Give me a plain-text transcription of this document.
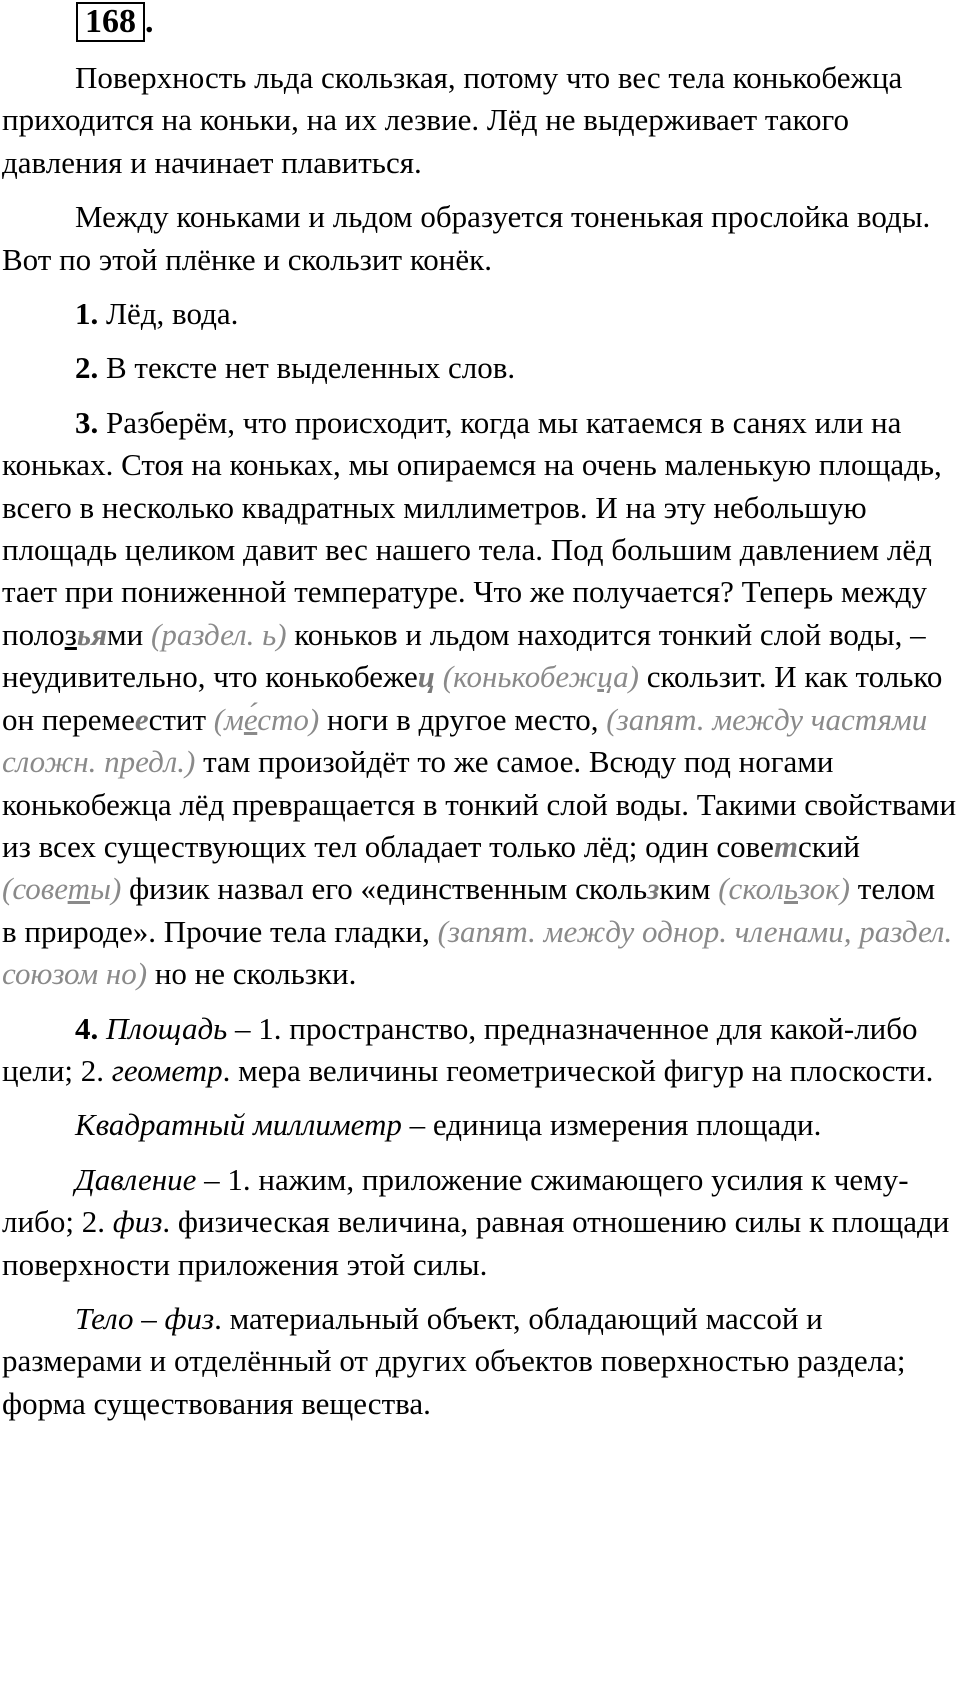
168 .

Поверхность льда скользкая, потому что вес тела конькобежца приходится на коньки, на их лезвие. Лёд не выдерживает такого давления и начинает плавиться.

Между коньками и льдом образуется тоненькая прослойка воды. Вот по этой плёнке и скользит конёк.

1. Лёд, вода.

2. В тексте нет выделенных слов.

3. Разберём, что происходит, когда мы катаемся в санях или на коньках. Стоя на коньках, мы опираемся на очень маленькую площадь, всего в несколько квадратных миллиметров. И на эту небольшую площадь целиком давит вес нашего тела. Под большим давлением лёд тает при пониженной температуре. Что же получается? Теперь между полозьями (раздел. ь) коньков и льдом находится тонкий слой воды, – неудивительно, что конькобежец (конькобежца) скользит. И как только он перемеестит (ме́сто) ноги в другое место, (запят. между частями сложн. предл.) там произойдёт то же самое. Всюду под ногами конькобежца лёд превращается в тонкий слой воды. Такими свойствами из всех существующих тел обладает только лёд; один советский (советы) физик назвал его «единственным скользким (скользок) телом в природе». Прочие тела гладки, (запят. между однор. членами, раздел. союзом но) но не скользки.

4. Площадь – 1. пространство, предназначенное для какой-либо цели; 2. геометр. мера величины геометрической фигур на плоскости.

Квадратный миллиметр – единица измерения площади.

Давление – 1. нажим, приложение сжимающего усилия к чему-либо; 2. физ. физическая величина, равная отношению силы к площади поверхности приложения этой силы.

Тело – физ. материальный объект, обладающий массой и размерами и отделённый от других объектов поверхностью раздела; форма существования вещества.
